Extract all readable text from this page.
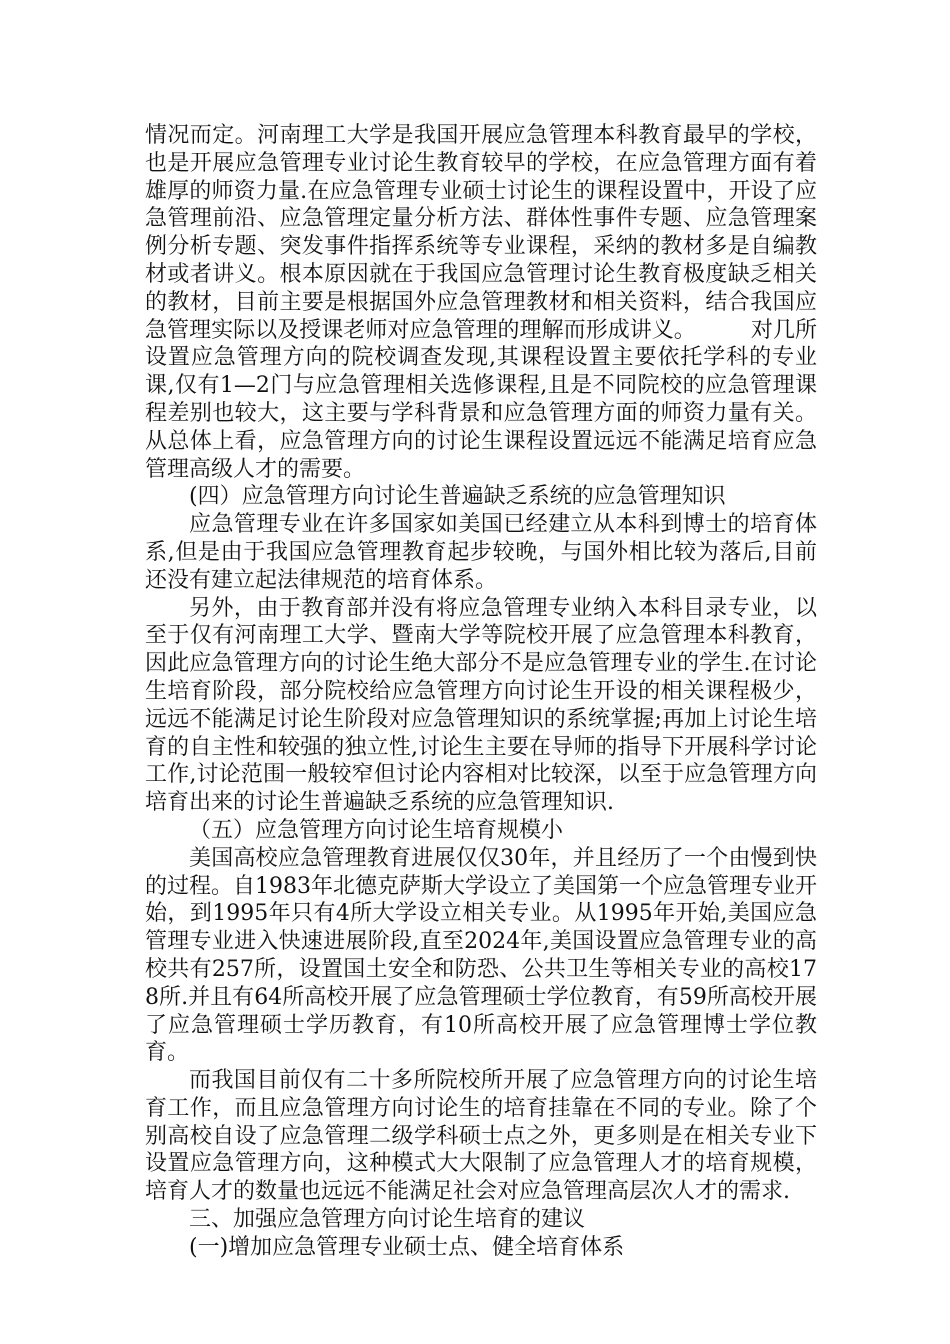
情况而定。河南理工大学是我国开展应急管理本科教育最早的学校，也是开展应急管理专业讨论生教育较早的学校，在应急管理方面有着雄厚的师资力量.在应急管理专业硕士讨论生的课程设置中，开设了应急管理前沿、应急管理定量分析方法、群体性事件专题、应急管理案例分析专题、突发事件指挥系统等专业课程，采纳的教材多是自编教材或者讲义。根本原因就在于我国应急管理讨论生教育极度缺乏相关的教材，目前主要是根据国外应急管理教材和相关资料，结合我国应急管理实际以及授课老师对应急管理的理解而形成讲义。　　　对几所设置应急管理方向的院校调查发现,其课程设置主要依托学科的专业课,仅有1—2门与应急管理相关选修课程,且是不同院校的应急管理课程差别也较大，这主要与学科背景和应急管理方面的师资力量有关。从总体上看，应急管理方向的讨论生课程设置远远不能满足培育应急管理高级人才的需要。

(四）应急管理方向讨论生普遍缺乏系统的应急管理知识

应急管理专业在许多国家如美国已经建立从本科到博士的培育体系,但是由于我国应急管理教育起步较晚，与国外相比较为落后,目前还没有建立起法律规范的培育体系。

另外，由于教育部并没有将应急管理专业纳入本科目录专业，以至于仅有河南理工大学、暨南大学等院校开展了应急管理本科教育，因此应急管理方向的讨论生绝大部分不是应急管理专业的学生.在讨论生培育阶段，部分院校给应急管理方向讨论生开设的相关课程极少，远远不能满足讨论生阶段对应急管理知识的系统掌握;再加上讨论生培育的自主性和较强的独立性,讨论生主要在导师的指导下开展科学讨论工作,讨论范围一般较窄但讨论内容相对比较深，以至于应急管理方向培育出来的讨论生普遍缺乏系统的应急管理知识.

（五）应急管理方向讨论生培育规模小

美国高校应急管理教育进展仅仅30年，并且经历了一个由慢到快的过程。自1983年北德克萨斯大学设立了美国第一个应急管理专业开始，到1995年只有4所大学设立相关专业。从1995年开始,美国应急管理专业进入快速进展阶段,直至2024年,美国设置应急管理专业的高校共有257所，设置国土安全和防恐、公共卫生等相关专业的高校178所.并且有64所高校开展了应急管理硕士学位教育，有59所高校开展了应急管理硕士学历教育，有10所高校开展了应急管理博士学位教育。

而我国目前仅有二十多所院校所开展了应急管理方向的讨论生培育工作，而且应急管理方向讨论生的培育挂靠在不同的专业。除了个别高校自设了应急管理二级学科硕士点之外，更多则是在相关专业下设置应急管理方向，这种模式大大限制了应急管理人才的培育规模，培育人才的数量也远远不能满足社会对应急管理高层次人才的需求.

三、加强应急管理方向讨论生培育的建议

(一)增加应急管理专业硕士点、健全培育体系
